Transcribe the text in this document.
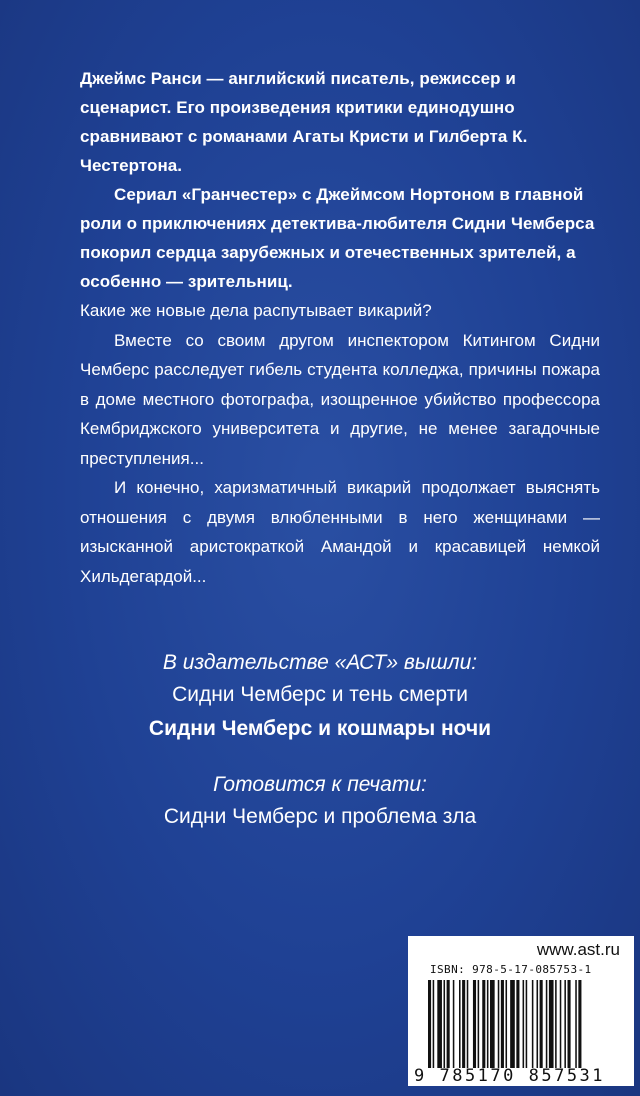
Джеймс Ранси — английский писатель, режиссер и сценарист. Его произведения критики единодушно сравнивают с романами Агаты Кристи и Гилберта К. Честертона.
Сериал «Гранчестер» с Джеймсом Нортоном в главной роли о приключениях детектива-любителя Сидни Чемберса покорил сердца зарубежных и отечественных зрителей, а особенно — зрительниц.
Какие же новые дела распутывает викарий?
Вместе со своим другом инспектором Китингом Сидни Чемберс расследует гибель студента колледжа, причины пожара в доме местного фотографа, изощренное убийство профессора Кембриджского университета и другие, не менее загадочные преступления...
И конечно, харизматичный викарий продолжает выяснять отношения с двумя влюбленными в него женщинами — изысканной аристократкой Амандой и красавицей немкой Хильдегардой...
В издательстве «АСТ» вышли:
Сидни Чемберс и тень смерти
Сидни Чемберс и кошмары ночи
Готовится к печати:
Сидни Чемберс и проблема зла
www.ast.ru
ISBN: 978-5-17-085753-1
9 785170 857531
